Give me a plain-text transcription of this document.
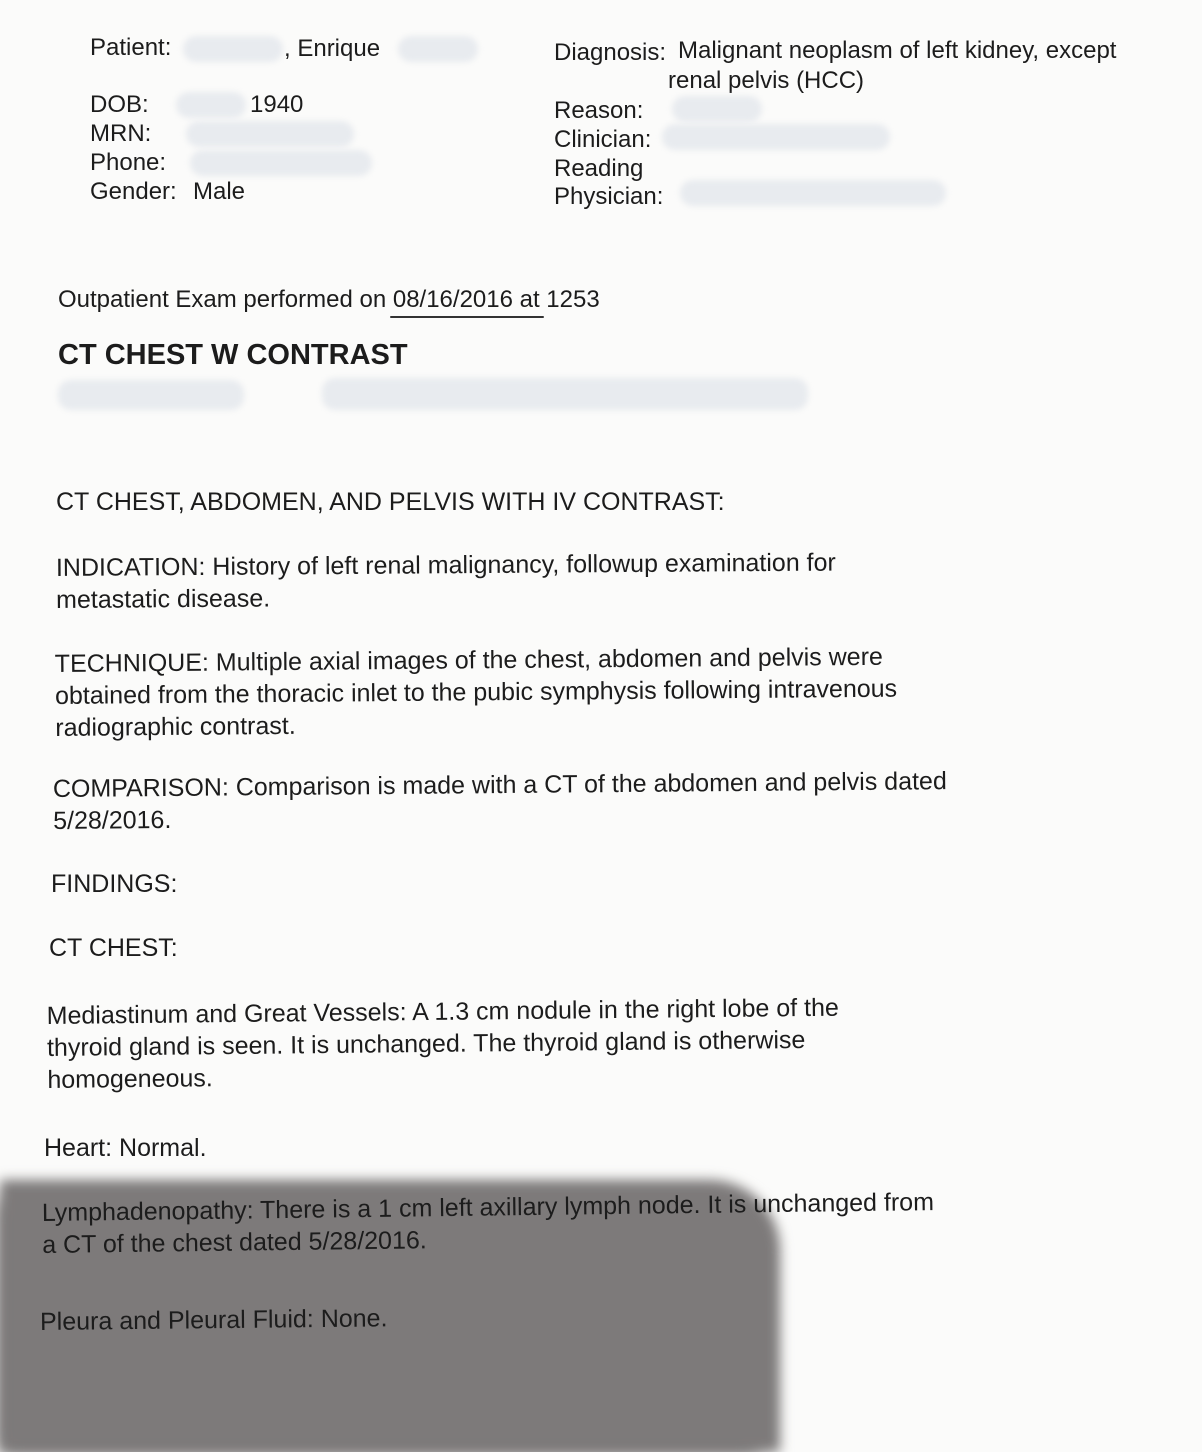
Patient:	, Enrique
DOB:	1940
MRN:
Phone:
Gender: Male
Diagnosis: Malignant neoplasm of left kidney, except
renal pelvis (HCC)
Reason:
Clinician:
Reading
Physician:
Outpatient Exam performed on 08/16/2016 at 1253
CT CHEST W CONTRAST
CT CHEST, ABDOMEN, AND PELVIS WITH IV CONTRAST:
INDICATION: History of left renal malignancy, followup examination for
metastatic disease.
TECHNIQUE: Multiple axial images of the chest, abdomen and pelvis were
obtained from the thoracic inlet to the pubic symphysis following intravenous
radiographic contrast.
COMPARISON: Comparison is made with a CT of the abdomen and pelvis dated
5/28/2016.
FINDINGS:
CT CHEST:
Mediastinum and Great Vessels: A 1.3 cm nodule in the right lobe of the
thyroid gland is seen. It is unchanged. The thyroid gland is otherwise
homogeneous.
Heart: Normal.
Lymphadenopathy: There is a 1 cm left axillary lymph node. It is unchanged from
a CT of the chest dated 5/28/2016.
Pleura and Pleural Fluid: None.
